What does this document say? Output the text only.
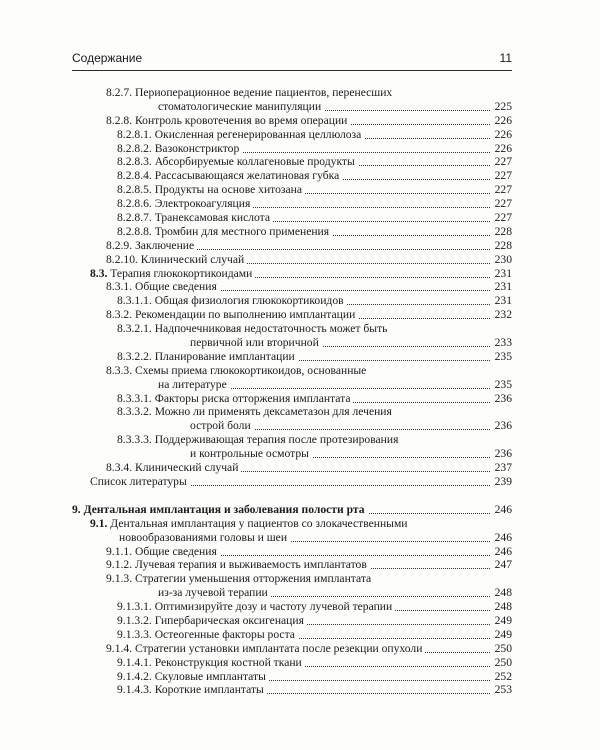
Содержание	11
8.2.7. Периоперационное ведение пациентов, перенесших
стоматологические манипуляции	225
8.2.8. Контроль кровотечения во время операции	226
8.2.8.1. Окисленная регенерированная целлюлоза	226
8.2.8.2. Вазоконстриктор	226
8.2.8.3. Абсорбируемые коллагеновые продукты	227
8.2.8.4. Рассасывающаяся желатиновая губка	227
8.2.8.5. Продукты на основе хитозана	227
8.2.8.6. Электрокоагуляция	227
8.2.8.7. Транексамовая кислота	227
8.2.8.8. Тромбин для местного применения	228
8.2.9. Заключение	228
8.2.10. Клинический случай	230
8.3. Терапия глюкокортикоидами	231
8.3.1. Общие сведения	231
8.3.1.1. Общая физиология глюкокортикоидов	231
8.3.2. Рекомендации по выполнению имплантации	232
8.3.2.1. Надпочечниковая недостаточность может быть
первичной или вторичной	233
8.3.2.2. Планирование имплантации	235
8.3.3. Схемы приема глюкокортикоидов, основанные
на литературе	235
8.3.3.1. Факторы риска отторжения имплантата	236
8.3.3.2. Можно ли применять дексаметазон для лечения
острой боли	236
8.3.3.3. Поддерживающая терапия после протезирования
и контрольные осмотры	236
8.3.4. Клинический случай	237
Список литературы	239
9. Дентальная имплантация и заболевания полости рта	246
9.1. Дентальная имплантация у пациентов со злокачественными
новообразованиями головы и шеи	246
9.1.1. Общие сведения	246
9.1.2. Лучевая терапия и выживаемость имплантатов	247
9.1.3. Стратегии уменьшения отторжения имплантата
из-за лучевой терапии	248
9.1.3.1. Оптимизируйте дозу и частоту лучевой терапии	248
9.1.3.2. Гипербарическая оксигенация	249
9.1.3.3. Остеогенные факторы роста	249
9.1.4. Стратегии установки имплантата после резекции опухоли	250
9.1.4.1. Реконструкция костной ткани	250
9.1.4.2. Скуловые имплантаты	252
9.1.4.3. Короткие имплантаты	253
